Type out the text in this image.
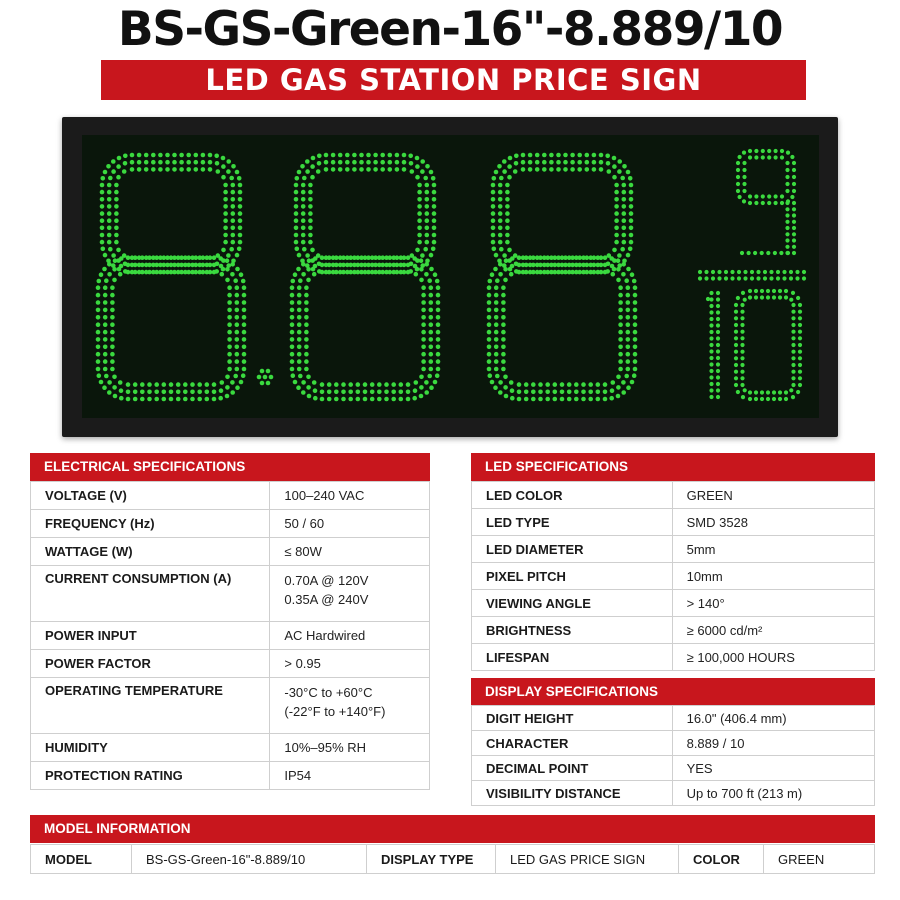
BS-GS-Green-16"-8.889/10
LED GAS STATION PRICE SIGN
ELECTRICAL SPECIFICATIONS
VOLTAGE (V)	100–240 VAC
FREQUENCY (Hz)	50 / 60
WATTAGE (W)	≤ 80W
CURRENT CONSUMPTION (A)	0.70A @ 120V
0.35A @ 240V

POWER INPUT	AC Hardwired
POWER FACTOR	> 0.95
OPERATING TEMPERATURE	-30°C to +60°C
(-22°F to +140°F)

HUMIDITY	10%–95% RH
PROTECTION RATING	IP54
LED SPECIFICATIONS
LED COLOR	GREEN
LED TYPE	SMD 3528
LED DIAMETER	5mm
PIXEL PITCH	10mm
VIEWING ANGLE	> 140°
BRIGHTNESS	≥ 6000 cd/m²
LIFESPAN	≥ 100,000 HOURS
DISPLAY SPECIFICATIONS
DIGIT HEIGHT	16.0" (406.4 mm)
CHARACTER	8.889 / 10
DECIMAL POINT	YES
VISIBILITY DISTANCE	Up to 700 ft (213 m)
MODEL INFORMATION
MODEL	BS-GS-Green-16"-8.889/10	DISPLAY TYPE	LED GAS PRICE SIGN	COLOR	GREEN
